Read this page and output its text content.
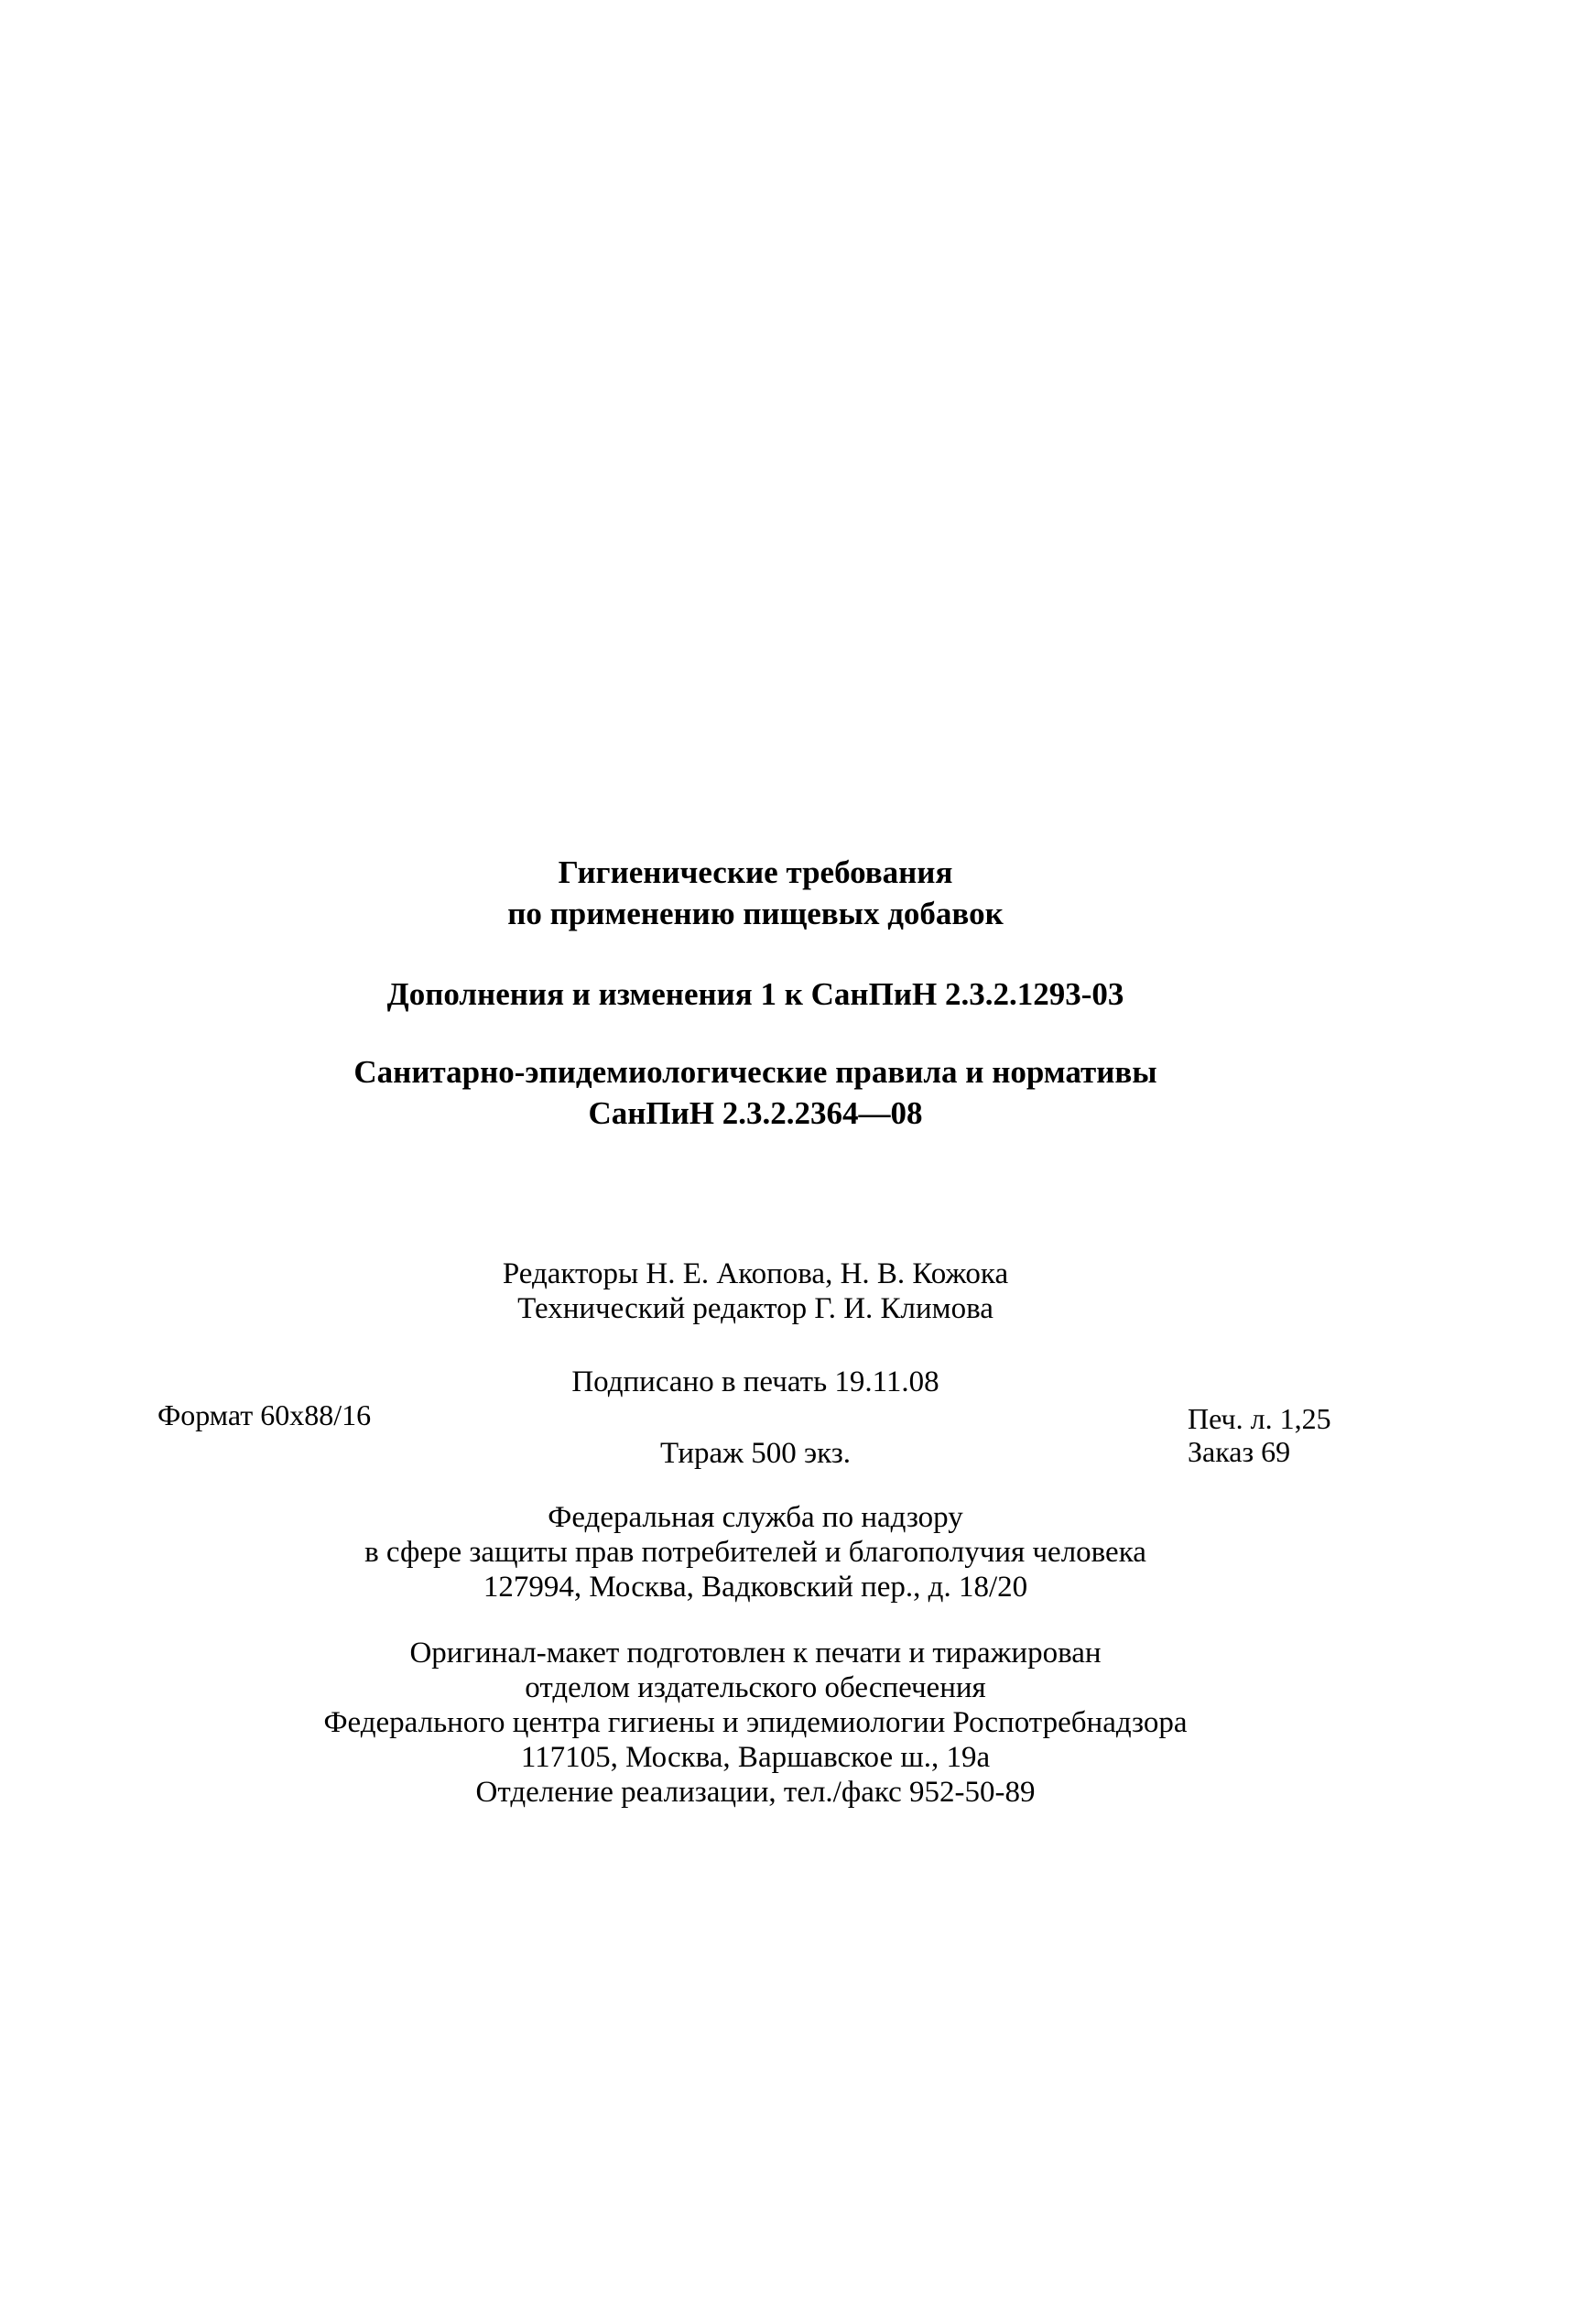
Гигиенические требования
по применению пищевых добавок
Дополнения и изменения 1 к СанПиН 2.3.2.1293-03
Санитарно-эпидемиологические правила и нормативы
СанПиН 2.3.2.2364—08
Редакторы Н. Е. Акопова, Н. В. Кожока
Технический редактор Г. И. Климова
Подписано в печать 19.11.08
Формат 60x88/16	Печ. л. 1,25
Тираж 500 экз.	Заказ 69
Федеральная служба по надзору
в сфере защиты прав потребителей и благополучия человека
127994, Москва, Вадковский пер., д. 18/20
Оригинал-макет подготовлен к печати и тиражирован
отделом издательского обеспечения
Федерального центра гигиены и эпидемиологии Роспотребнадзора
117105, Москва, Варшавское ш., 19а
Отделение реализации, тел./факс 952-50-89
